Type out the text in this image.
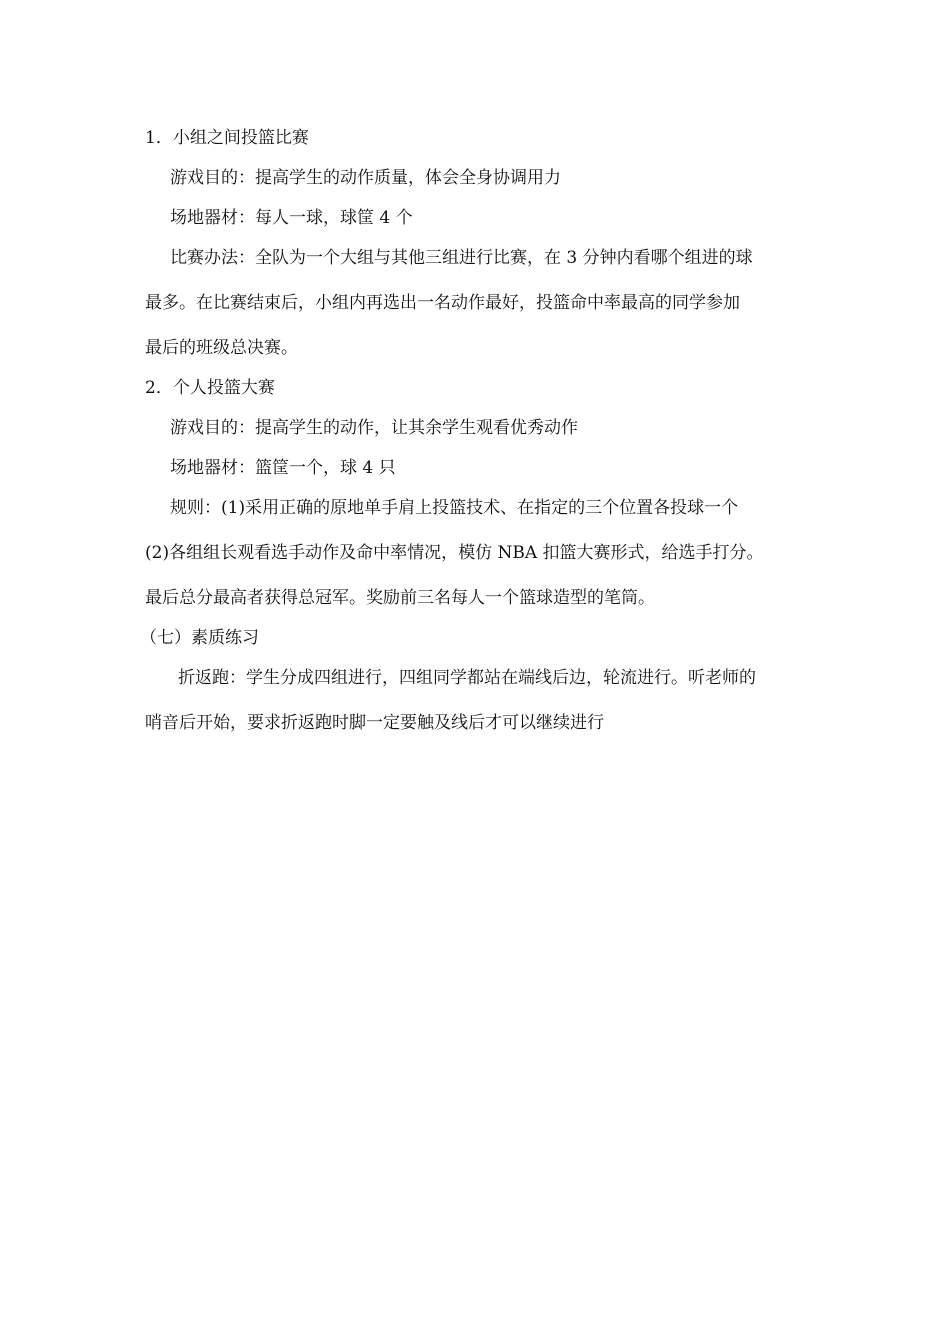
1．小组之间投篮比赛
游戏目的：提高学生的动作质量，体会全身协调用力
场地器材：每人一球，球筐 4 个
比赛办法：全队为一个大组与其他三组进行比赛，在 3 分钟内看哪个组进的球
最多。在比赛结束后，小组内再选出一名动作最好，投篮命中率最高的同学参加
最后的班级总决赛。
2．个人投篮大赛
游戏目的：提高学生的动作，让其余学生观看优秀动作
场地器材：篮筐一个，球 4 只
规则：(1)采用正确的原地单手肩上投篮技术、在指定的三个位置各投球一个
(2)各组组长观看选手动作及命中率情况，模仿 NBA 扣篮大赛形式，给选手打分。
最后总分最高者获得总冠军。奖励前三名每人一个篮球造型的笔筒。
（七）素质练习
折返跑：学生分成四组进行，四组同学都站在端线后边，轮流进行。听老师的
哨音后开始，要求折返跑时脚一定要触及线后才可以继续进行
